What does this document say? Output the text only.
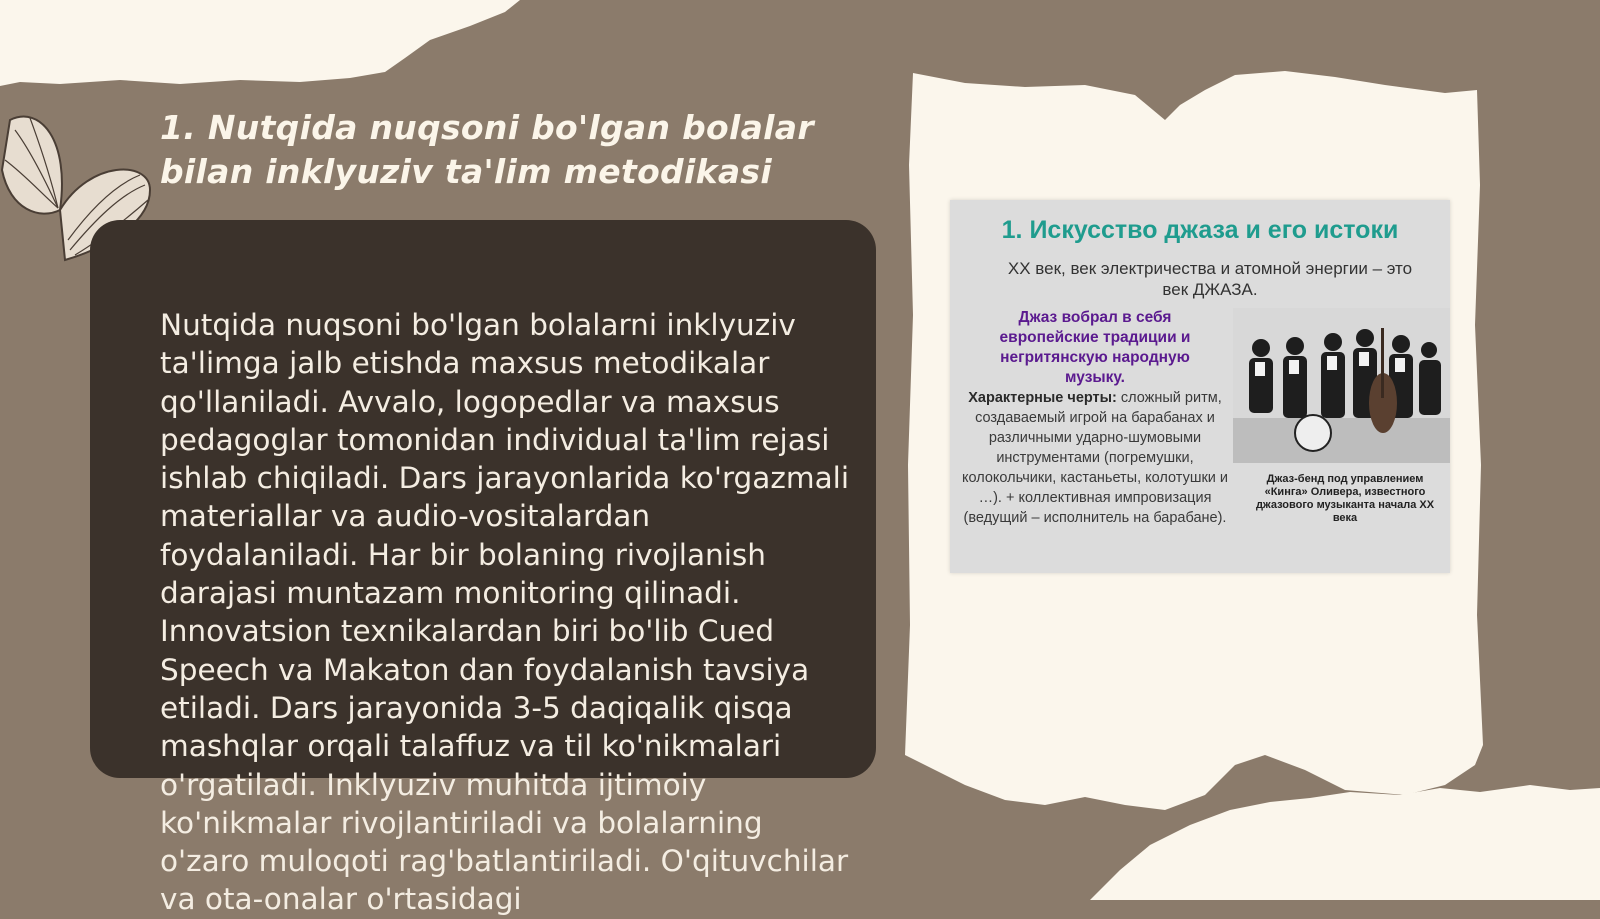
1. Nutqida nuqsoni bo'lgan bolalar bilan inklyuziv ta'lim metodikasi

Nutqida nuqsoni bo'lgan bolalarni inklyuziv ta'limga jalb etishda maxsus metodikalar qo'llaniladi. Avvalo, logopedlar va maxsus pedagoglar tomonidan individual ta'lim rejasi ishlab chiqiladi. Dars jarayonlarida ko'rgazmali materiallar va audio-vositalardan foydalaniladi. Har bir bolaning rivojlanish darajasi muntazam monitoring qilinadi. Innovatsion texnikalardan biri bo'lib Cued Speech va Makaton dan foydalanish tavsiya etiladi. Dars jarayonida 3-5 daqiqalik qisqa mashqlar orqali talaffuz va til ko'nikmalari o'rgatiladi. Inklyuziv muhitda ijtimoiy ko'nikmalar rivojlantiriladi va bolalarning o'zaro muloqoti rag'batlantiriladi. O'qituvchilar va ota-onalar o'rtasidagi

1. Искусство джаза и его истоки

XX век, век электричества и атомной энергии – это век ДЖАЗА.

Джаз вобрал в себя европейские традиции и негритянскую народную музыку.

Характерные черты: сложный ритм, создаваемый игрой на барабанах и различными ударно-шумовыми инструментами (погремушки, колокольчики, кастаньеты, колотушки и …). + коллективная импровизация (ведущий – исполнитель на барабане).

Джаз-бенд под управлением «Кинга» Оливера, известного джазового музыканта начала XX века
